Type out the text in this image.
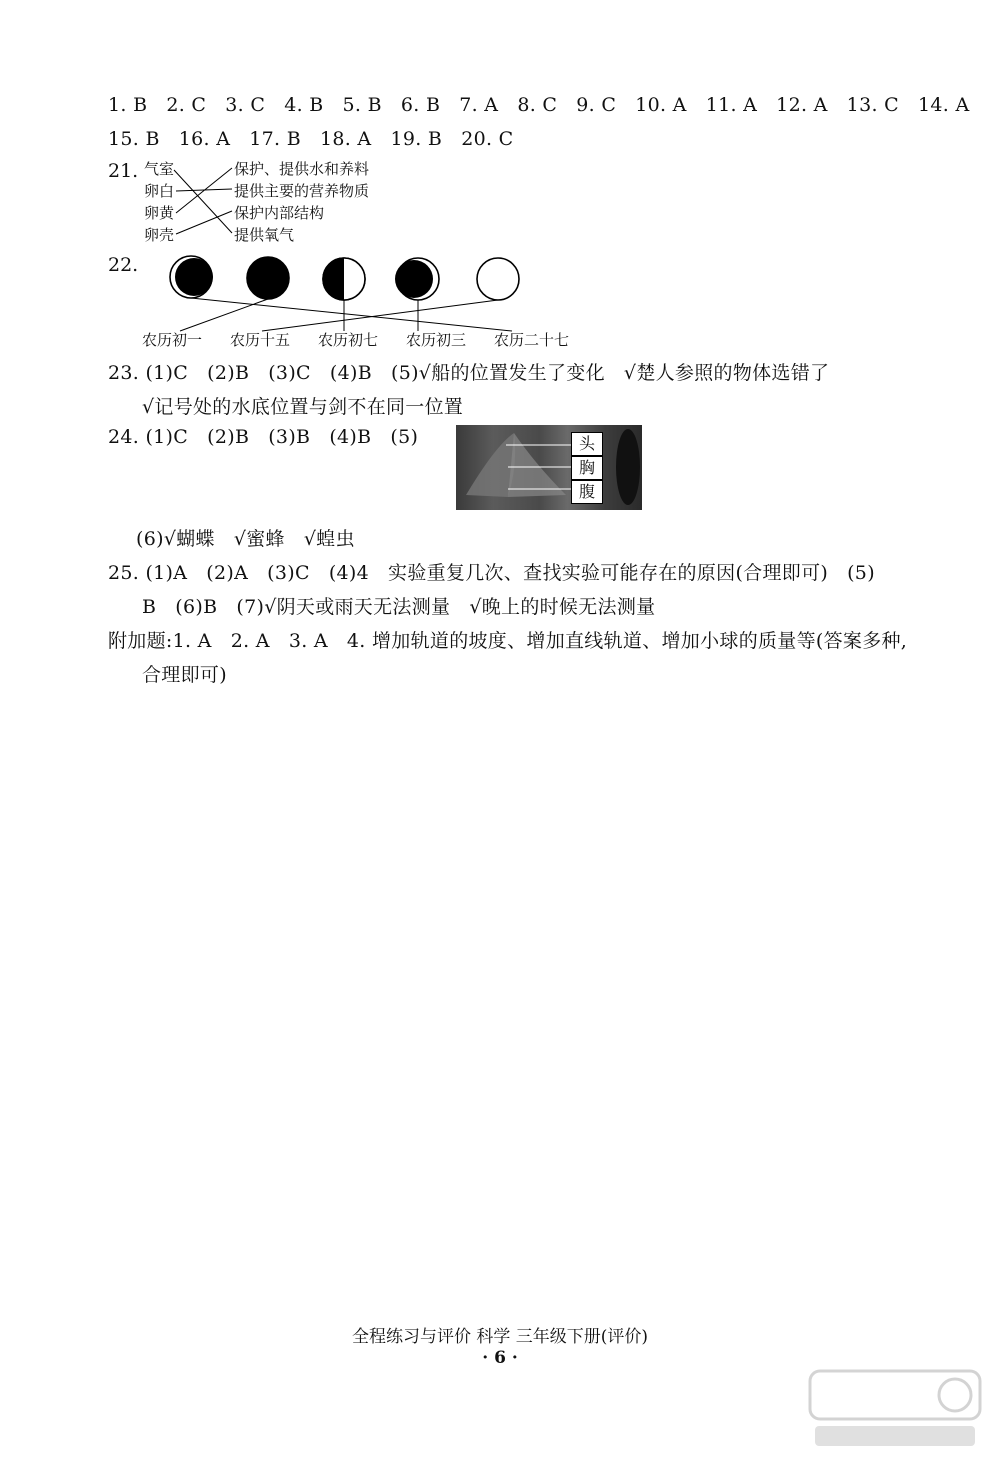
1. B   2. C   3. C   4. B   5. B   6. B   7. A   8. C   9. C   10. A   11. A   12. A   13. C   14. A
15. B   16. A   17. B   18. A   19. B   20. C
21. 气室
卵白
卵黄
卵壳
保护、提供水和养料
提供主要的营养物质
保护内部结构
提供氧气
22.
农历初一 农历十五 农历初七 农历初三 农历二十七
23. (1)C   (2)B   (3)C   (4)B   (5)√船的位置发生了变化   √楚人参照的物体选错了
√记号处的水底位置与剑不在同一位置
24. (1)C   (2)B   (3)B   (4)B   (5)	头
胸
腹
(6)√蝴蝶   √蜜蜂   √蝗虫
25. (1)A   (2)A   (3)C   (4)4   实验重复几次、查找实验可能存在的原因(合理即可)   (5)
B   (6)B   (7)√阴天或雨天无法测量   √晚上的时候无法测量
附加题:1. A   2. A   3. A   4. 增加轨道的坡度、增加直线轨道、增加小球的质量等(答案多种,
合理即可)
全程练习与评价 科学 三年级下册(评价)
· 6 ·
